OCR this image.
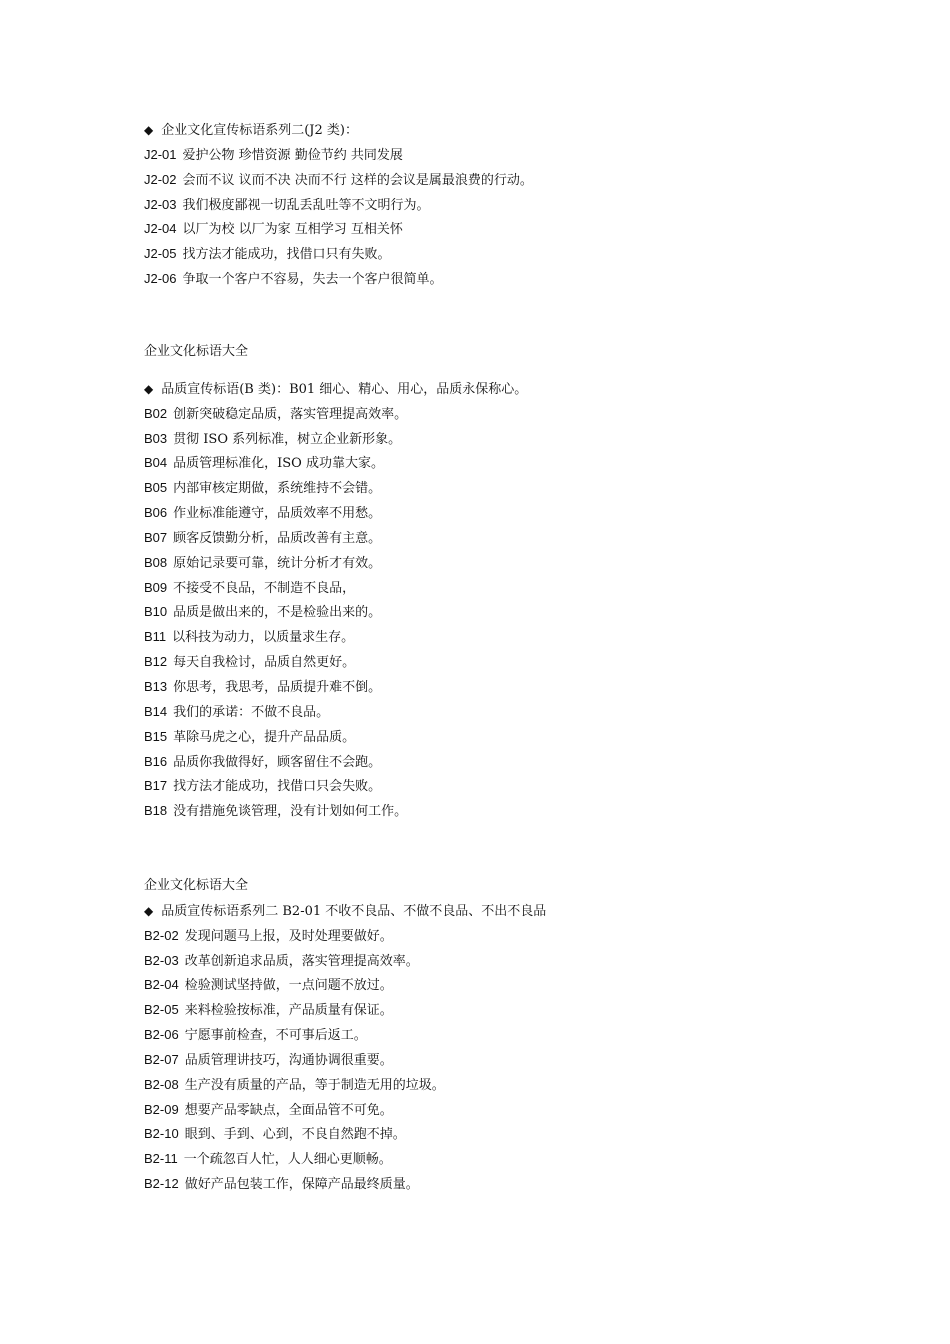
◆ 企业文化宣传标语系列二(J2 类)：
J2-01 爱护公物 珍惜资源 勤俭节约 共同发展
J2-02 会而不议 议而不决 决而不行 这样的会议是属最浪费的行动。
J2-03 我们极度鄙视一切乱丢乱吐等不文明行为。
J2-04 以厂为校 以厂为家 互相学习 互相关怀
J2-05 找方法才能成功，找借口只有失败。
J2-06 争取一个客户不容易，失去一个客户很简单。
企业文化标语大全
◆ 品质宣传标语(B 类)：B01 细心、精心、用心，品质永保称心。
B02 创新突破稳定品质，落实管理提高效率。
B03 贯彻 ISO 系列标准，树立企业新形象。
B04 品质管理标准化，ISO 成功靠大家。
B05 内部审核定期做，系统维持不会错。
B06 作业标准能遵守，品质效率不用愁。
B07 顾客反馈勤分析，品质改善有主意。
B08 原始记录要可靠，统计分析才有效。
B09 不接受不良品，不制造不良品，
B10 品质是做出来的，不是检验出来的。
B11 以科技为动力，以质量求生存。
B12 每天自我检讨，品质自然更好。
B13 你思考，我思考，品质提升难不倒。
B14 我们的承诺：不做不良品。
B15 革除马虎之心，提升产品品质。
B16 品质你我做得好，顾客留住不会跑。
B17 找方法才能成功，找借口只会失败。
B18 没有措施免谈管理，没有计划如何工作。
企业文化标语大全
◆ 品质宣传标语系列二 B2-01 不收不良品、不做不良品、不出不良品
B2-02 发现问题马上报，及时处理要做好。
B2-03 改革创新追求品质，落实管理提高效率。
B2-04 检验测试坚持做，一点问题不放过。
B2-05 来料检验按标准，产品质量有保证。
B2-06 宁愿事前检查，不可事后返工。
B2-07 品质管理讲技巧，沟通协调很重要。
B2-08 生产没有质量的产品，等于制造无用的垃圾。
B2-09 想要产品零缺点，全面品管不可免。
B2-10 眼到、手到、心到，不良自然跑不掉。
B2-11 一个疏忽百人忙，人人细心更顺畅。
B2-12 做好产品包装工作，保障产品最终质量。
